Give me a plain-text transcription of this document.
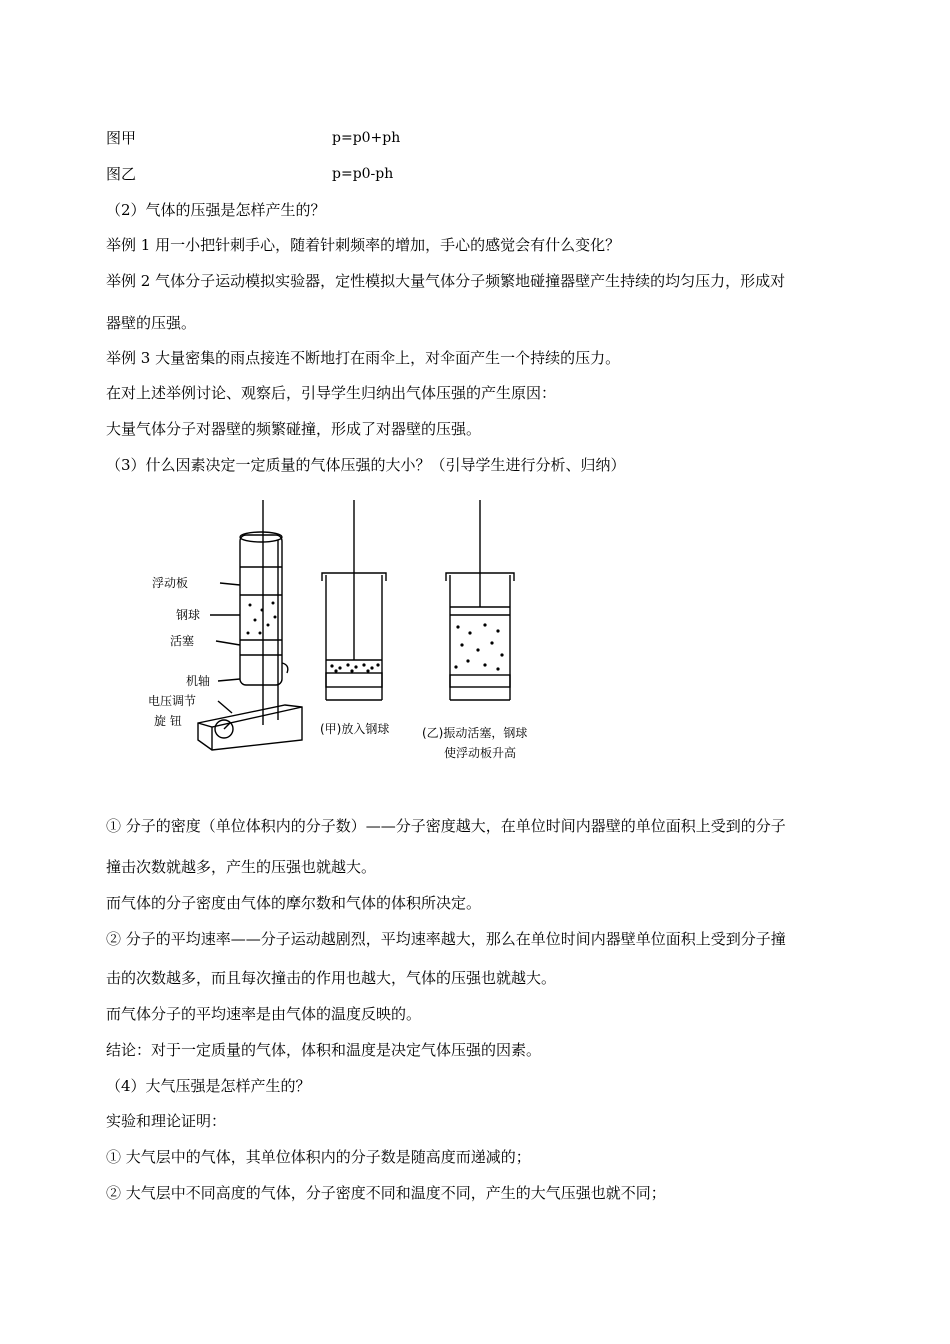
图甲	p=p0+ph
图乙	p=p0-ph
（2）气体的压强是怎样产生的？
举例 1 用一小把针刺手心，随着针刺频率的增加，手心的感觉会有什么变化？
举例 2 气体分子运动模拟实验器，定性模拟大量气体分子频繁地碰撞器壁产生持续的均匀压力，形成对
器壁的压强。
举例 3 大量密集的雨点接连不断地打在雨伞上，对伞面产生一个持续的压力。
在对上述举例讨论、观察后，引导学生归纳出气体压强的产生原因：
大量气体分子对器壁的频繁碰撞，形成了对器壁的压强。
（3）什么因素决定一定质量的气体压强的大小？（引导学生进行分析、归纳）
浮动板
钢球
活塞
机轴
电压调节
旋 钮
(甲)放入钢球	(乙)振动活塞，钢球
使浮动板升高
① 分子的密度（单位体积内的分子数）——分子密度越大，在单位时间内器壁的单位面积上受到的分子
撞击次数就越多，产生的压强也就越大。
而气体的分子密度由气体的摩尔数和气体的体积所决定。
② 分子的平均速率——分子运动越剧烈，平均速率越大，那么在单位时间内器壁单位面积上受到分子撞
击的次数越多，而且每次撞击的作用也越大，气体的压强也就越大。
而气体分子的平均速率是由气体的温度反映的。
结论：对于一定质量的气体，体积和温度是决定气体压强的因素。
（4）大气压强是怎样产生的？
实验和理论证明：
① 大气层中的气体，其单位体积内的分子数是随高度而递减的；
② 大气层中不同高度的气体，分子密度不同和温度不同，产生的大气压强也就不同；
